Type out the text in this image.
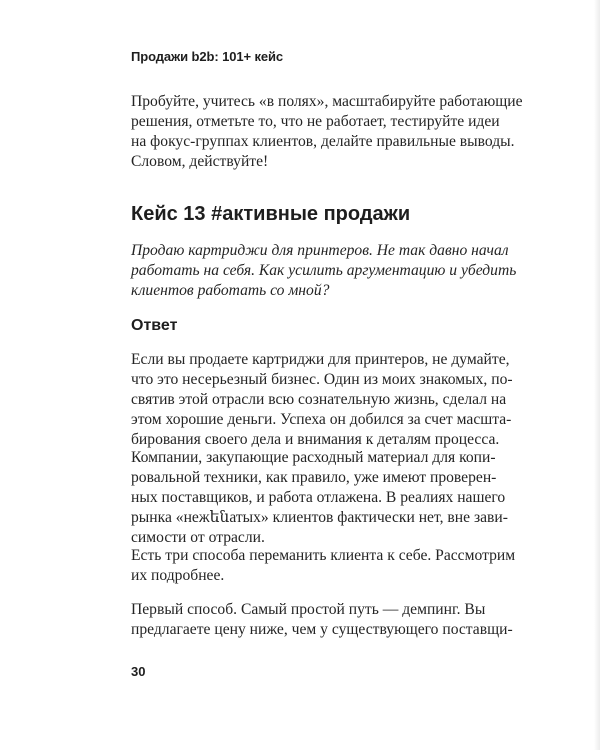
Продажи b2b: 101+ кейс
Пробуйте, учитесь «в полях», масштабируйте работающие
решения, отметьте то, что не работает, тестируйте идеи
на фокус-группах клиентов, делайте правильные выводы.
Словом, действуйте!
Кейс 13 #активные продажи
Продаю картриджи для принтеров. Не так давно начал
работать на себя. Как усилить аргументацию и убедить
клиентов работать со мной?
Ответ
Если вы продаете картриджи для принтеров, не думайте,
что это несерьезный бизнес. Один из моих знакомых, по-
святив этой отрасли всю сознательную жизнь, сделал на
этом хорошие деньги. Успеха он добился за счет масшта-
бирования своего дела и внимания к деталям процесса.
Компании, закупающие расходный материал для копи-
ровальной техники, как правило, уже имеют проверен-
ных поставщиков, и работа отлажена. В реалиях нашего
рынка «нежենатых» клиентов фактически нет, вне зави-
симости от отрасли.
Есть три способа переманить клиента к себе. Рассмотрим
их подробнее.
Первый способ. Самый простой путь — демпинг. Вы
предлагаете цену ниже, чем у существующего поставщи-
30
